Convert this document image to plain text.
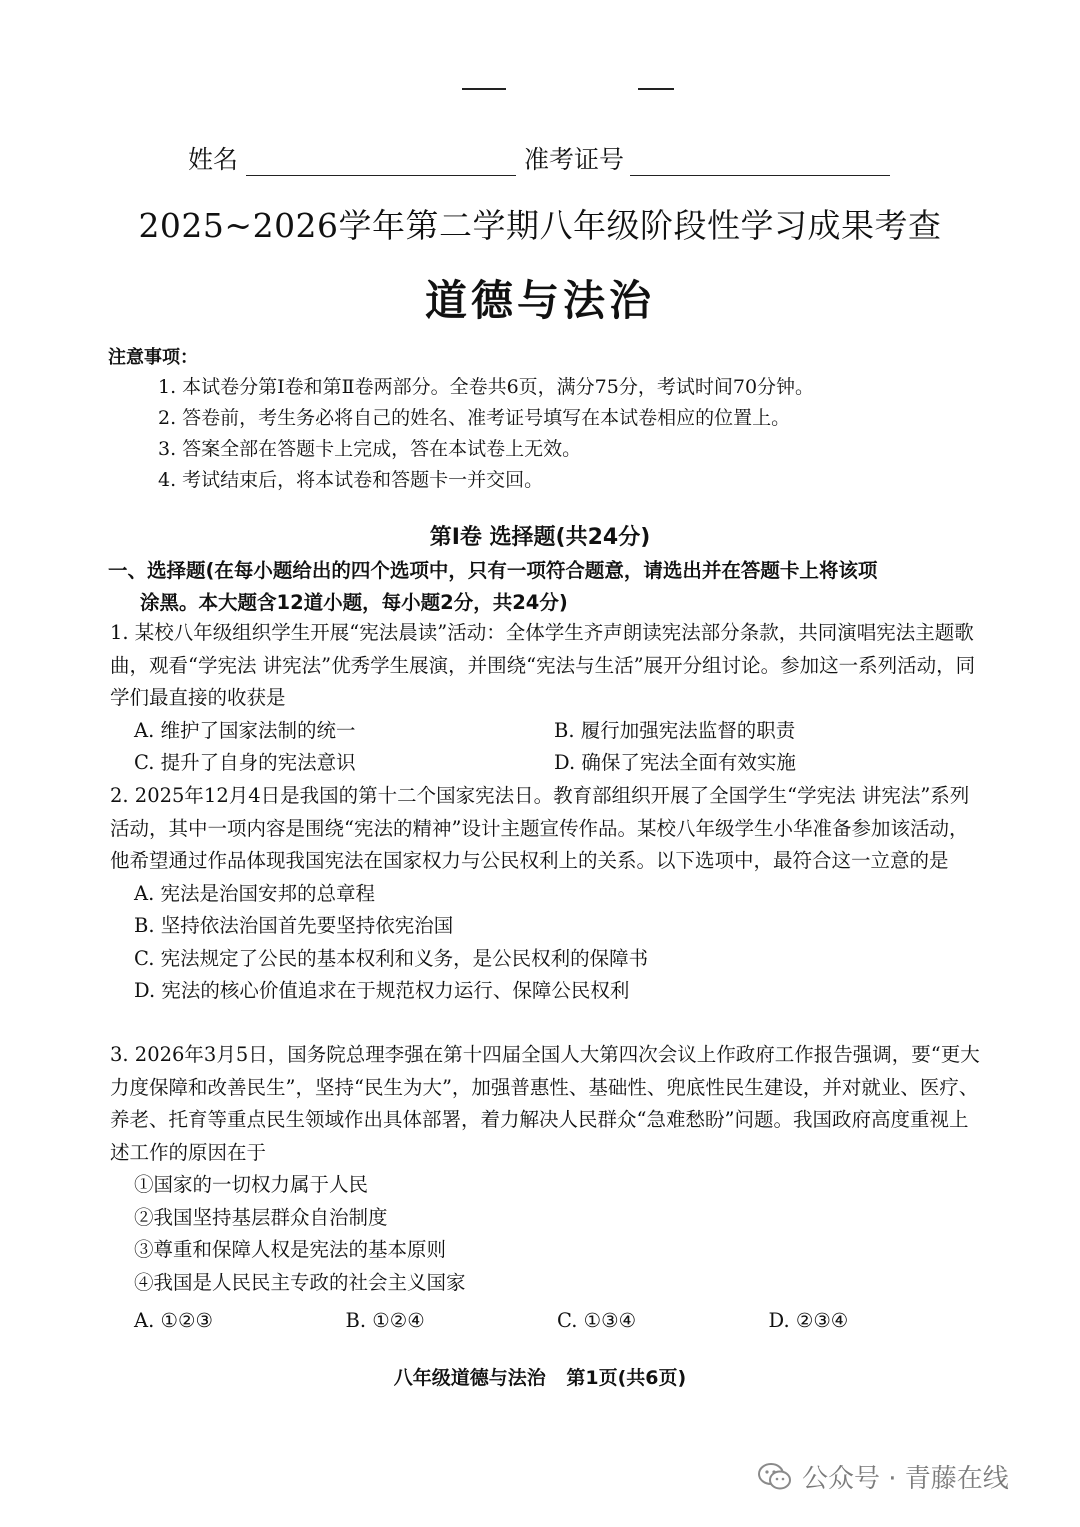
姓名	准考证号
2025~2026学年第二学期八年级阶段性学习成果考查
道德与法治
注意事项：
1. 本试卷分第Ⅰ卷和第Ⅱ卷两部分。全卷共6页，满分75分，考试时间70分钟。
2. 答卷前，考生务必将自己的姓名、准考证号填写在本试卷相应的位置上。
3. 答案全部在答题卡上完成，答在本试卷上无效。
4. 考试结束后，将本试卷和答题卡一并交回。
第Ⅰ卷 选择题(共24分)
一、选择题(在每小题给出的四个选项中，只有一项符合题意，请选出并在答题卡上将该项
涂黑。本大题含12道小题，每小题2分，共24分)
1. 某校八年级组织学生开展“宪法晨读”活动：全体学生齐声朗读宪法部分条款，共同演唱宪法主题歌曲，观看“学宪法 讲宪法”优秀学生展演，并围绕“宪法与生活”展开分组讨论。参加这一系列活动，同学们最直接的收获是
A. 维护了国家法制的统一	B. 履行加强宪法监督的职责
C. 提升了自身的宪法意识	D. 确保了宪法全面有效实施
2. 2025年12月4日是我国的第十二个国家宪法日。教育部组织开展了全国学生“学宪法 讲宪法”系列活动，其中一项内容是围绕“宪法的精神”设计主题宣传作品。某校八年级学生小华准备参加该活动，他希望通过作品体现我国宪法在国家权力与公民权利上的关系。以下选项中，最符合这一立意的是
A. 宪法是治国安邦的总章程
B. 坚持依法治国首先要坚持依宪治国
C. 宪法规定了公民的基本权利和义务，是公民权利的保障书
D. 宪法的核心价值追求在于规范权力运行、保障公民权利
3. 2026年3月5日，国务院总理李强在第十四届全国人大第四次会议上作政府工作报告强调，要“更大力度保障和改善民生”，坚持“民生为大”，加强普惠性、基础性、兜底性民生建设，并对就业、医疗、养老、托育等重点民生领域作出具体部署，着力解决人民群众“急难愁盼”问题。我国政府高度重视上述工作的原因在于
①国家的一切权力属于人民
②我国坚持基层群众自治制度
③尊重和保障人权是宪法的基本原则
④我国是人民民主专政的社会主义国家
A. ①②③	B. ①②④	C. ①③④	D. ②③④
八年级道德与法治 第1页(共6页)
公众号 · 青藤在线
